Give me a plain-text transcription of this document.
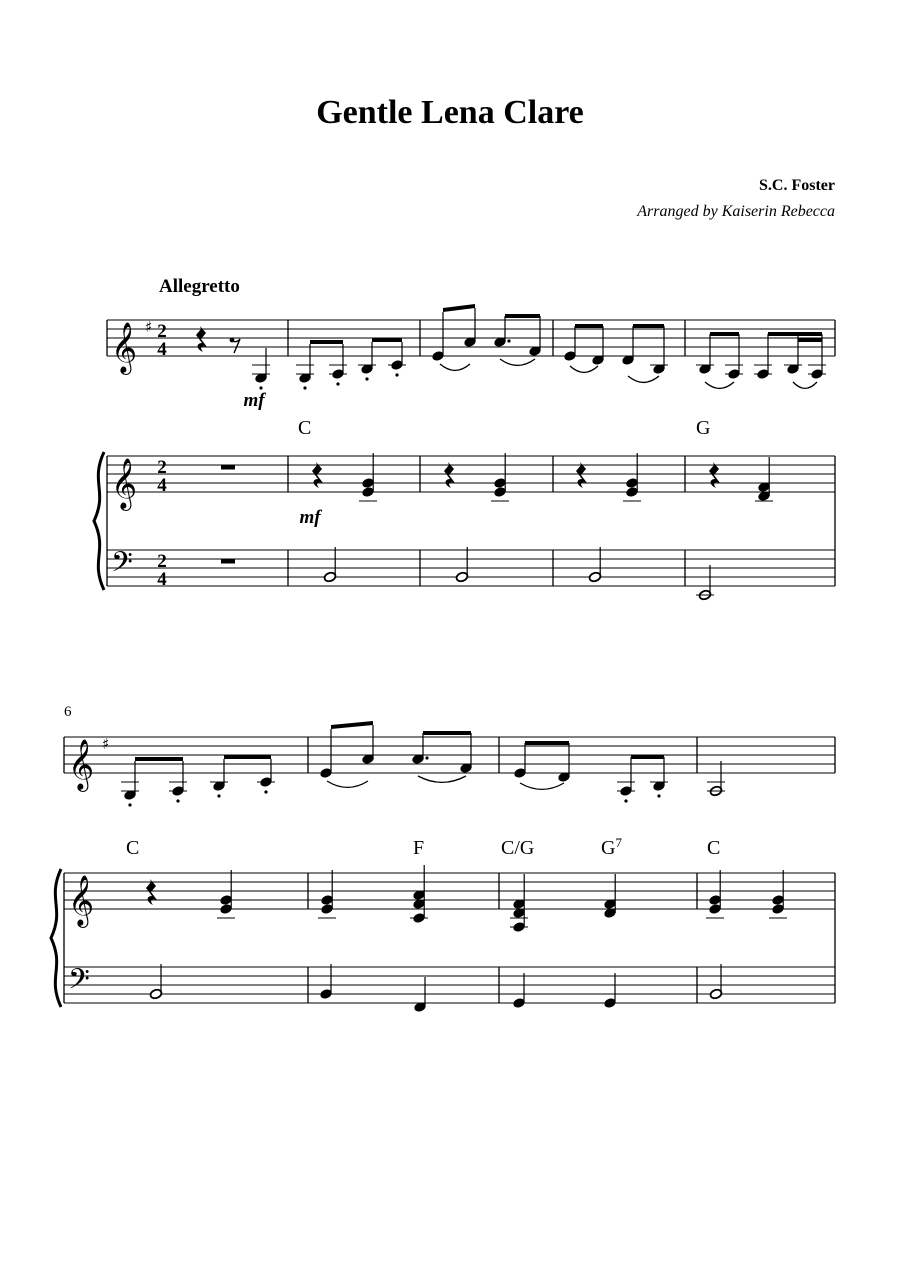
Gentle Lena Clare
S.C. Foster
Arranged by Kaiserin Rebecca
Allegretto
𝄞
𝄞
𝄢
♯ 2
4
2
4
2
4
𝄞
𝄞
𝄢
♯
mf
mf
C	G
6
C	F	C/G	$G^7$	C
